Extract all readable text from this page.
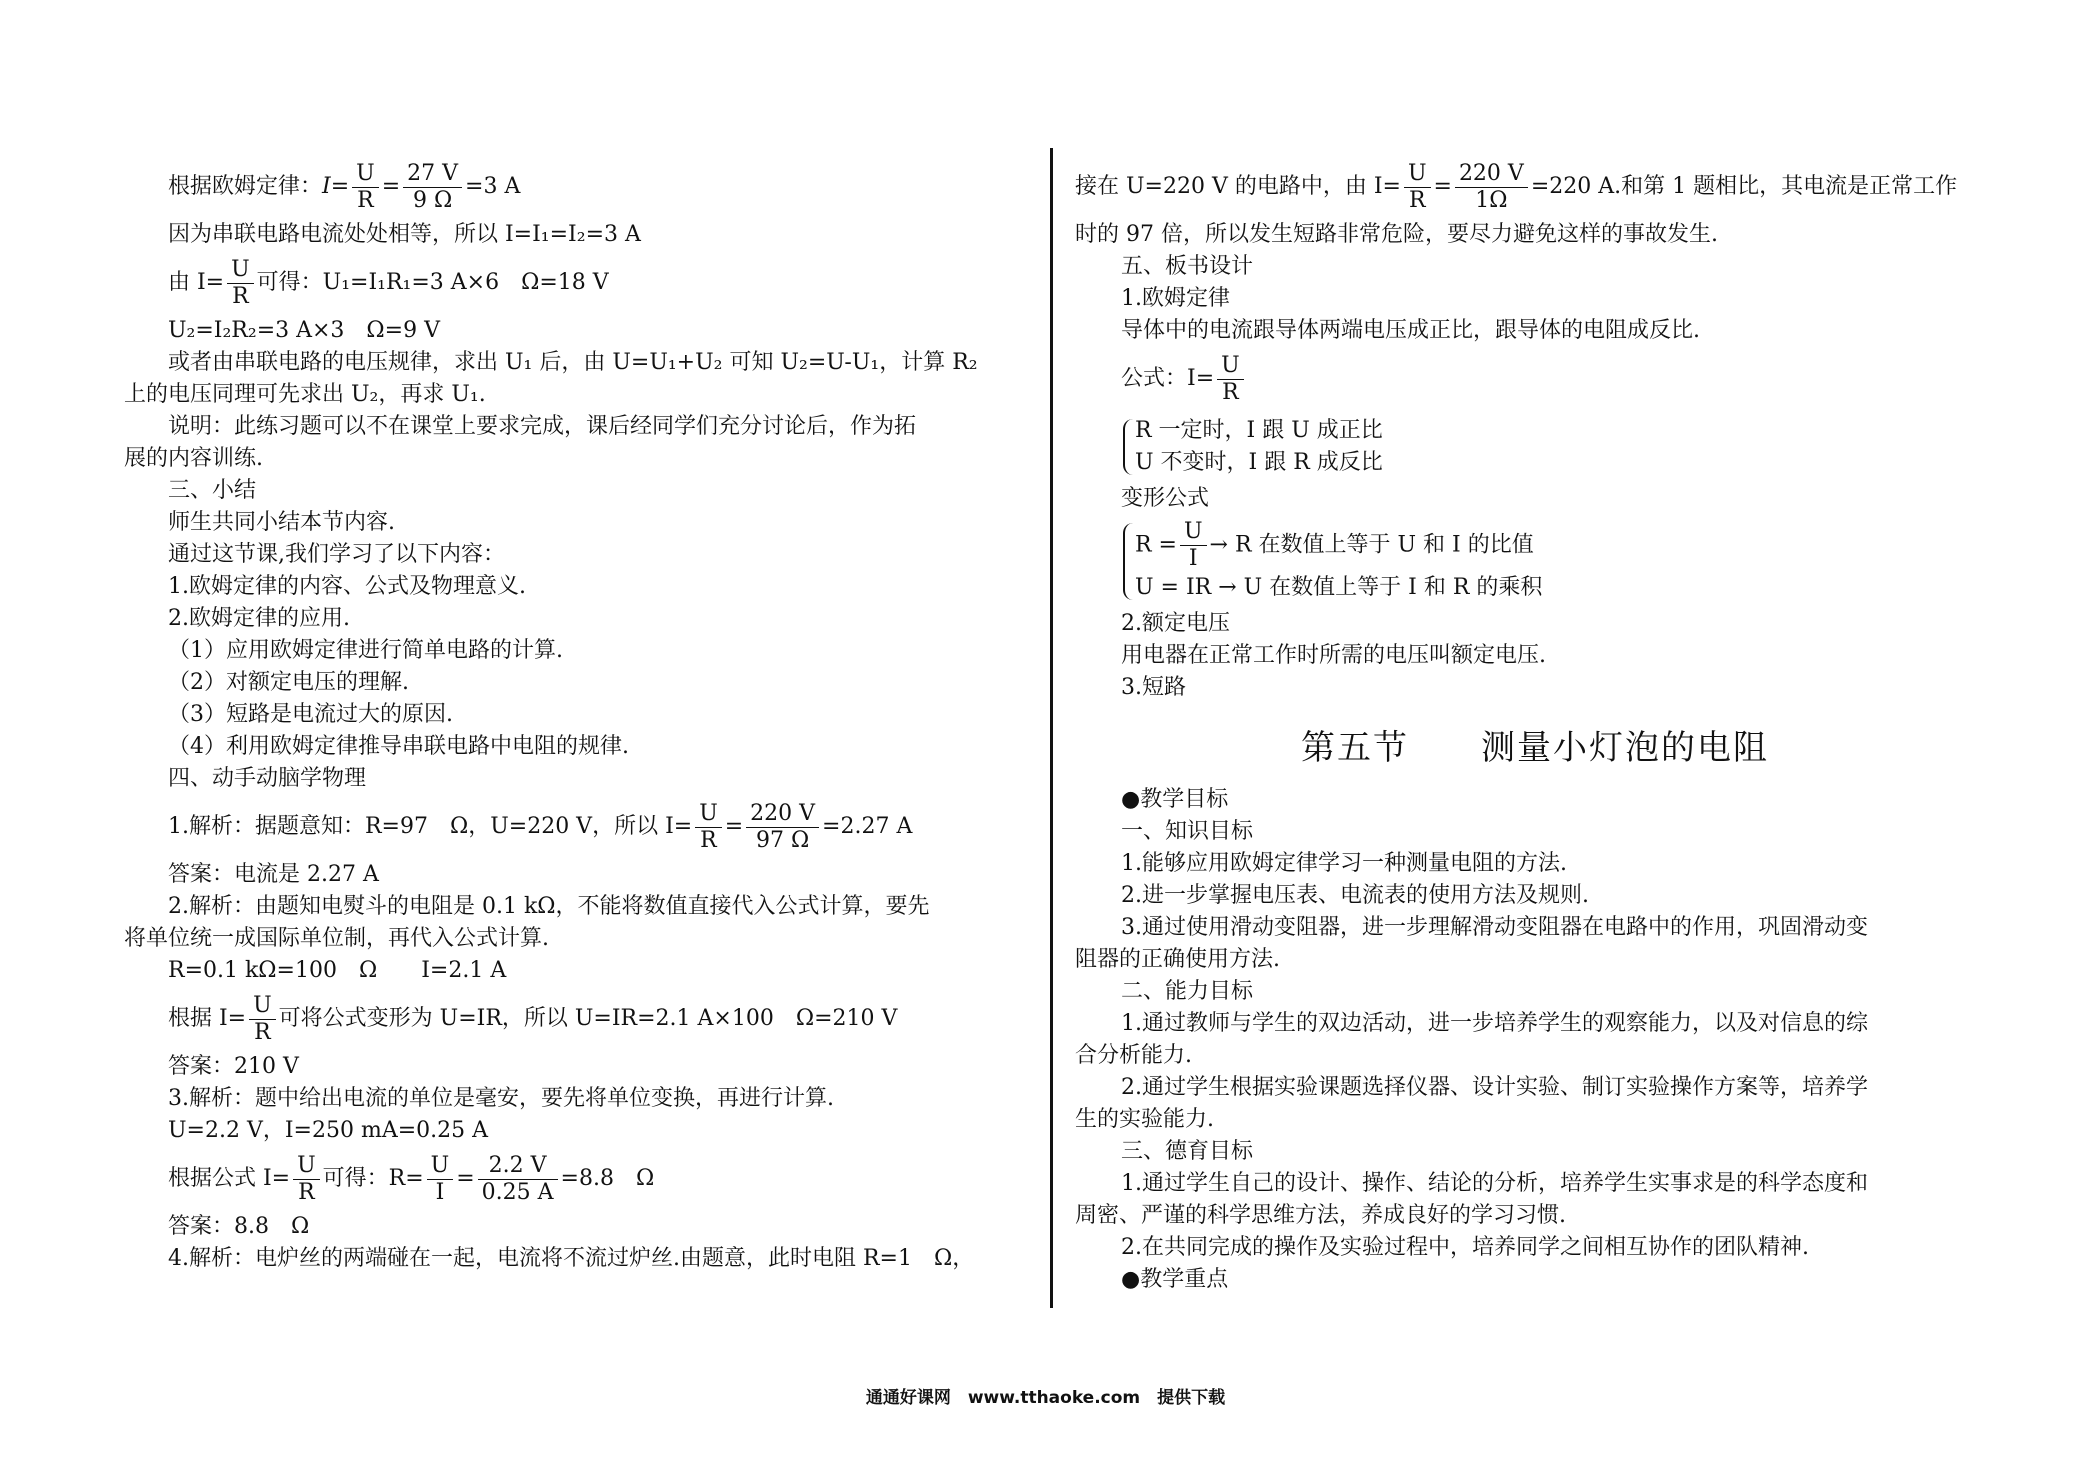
根据欧姆定律：$I= \frac{U}{R} = \frac{27 V}{9 \Omega} =3$ A
因为串联电路电流处处相等，所以 I=I₁=I₂=3 A
由 $I= \frac{U}{R}$ 可得：U₁=I₁R₁=3 A×6　Ω=18 V
U₂=I₂R₂=3 A×3　Ω=9 V
或者由串联电路的电压规律，求出 U₁ 后，由 U=U₁+U₂ 可知 U₂=U-U₁，计算 R₂
上的电压同理可先求出 U₂，再求 U₁.
说明：此练习题可以不在课堂上要求完成，课后经同学们充分讨论后，作为拓
展的内容训练.
三、小结
师生共同小结本节内容.
通过这节课,我们学习了以下内容：
1.欧姆定律的内容、公式及物理意义.
2.欧姆定律的应用.
（1）应用欧姆定律进行简单电路的计算.
（2）对额定电压的理解.
（3）短路是电流过大的原因.
（4）利用欧姆定律推导串联电路中电阻的规律.
四、动手动脑学物理
1.解析：据题意知：R=97　Ω，U=220 V，所以 $I= \frac{U}{R} = \frac{220 V}{97 \Omega} =2.27$ A
答案：电流是 2.27 A
2.解析：由题知电熨斗的电阻是 0.1 kΩ，不能将数值直接代入公式计算，要先
将单位统一成国际单位制，再代入公式计算.
R=0.1 kΩ=100　Ω　　I=2.1 A
根据 $I= \frac{U}{R}$ 可将公式变形为 U=IR，所以 U=IR=2.1 A×100　Ω=210 V
答案：210 V
3.解析：题中给出电流的单位是毫安，要先将单位变换，再进行计算.
U=2.2 V，I=250 mA=0.25 A
根据公式 $I= \frac{U}{R}$ 可得：$R= \frac{U}{I} = \frac{2.2 V}{0.25 A} =8.8$　Ω
答案：8.8　Ω
4.解析：电炉丝的两端碰在一起，电流将不流过炉丝.由题意，此时电阻 R=1　Ω，
接在 U=220 V 的电路中，由 $I= \frac{U}{R} = \frac{220 V}{1\Omega} =220$ A.和第 1 题相比，其电流是正常工作
时的 97 倍，所以发生短路非常危险，要尽力避免这样的事故发生.
五、板书设计
1.欧姆定律
导体中的电流跟导体两端电压成正比，跟导体的电阻成反比.
公式：$I= \frac{U}{R}$
R 一定时，I 跟 U 成正比
U 不变时，I 跟 R 成反比
变形公式
$R = \frac{U}{I} \to R$ 在数值上等于 U 和 I 的比值
U = IR → U 在数值上等于 I 和 R 的乘积
2.额定电压
用电器在正常工作时所需的电压叫额定电压.
3.短路
第五节　　测量小灯泡的电阻
●教学目标
一、知识目标
1.能够应用欧姆定律学习一种测量电阻的方法.
2.进一步掌握电压表、电流表的使用方法及规则.
3.通过使用滑动变阻器，进一步理解滑动变阻器在电路中的作用，巩固滑动变
阻器的正确使用方法.
二、能力目标
1.通过教师与学生的双边活动，进一步培养学生的观察能力，以及对信息的综
合分析能力.
2.通过学生根据实验课题选择仪器、设计实验、制订实验操作方案等，培养学
生的实验能力.
三、德育目标
1.通过学生自己的设计、操作、结论的分析，培养学生实事求是的科学态度和
周密、严谨的科学思维方法，养成良好的学习习惯.
2.在共同完成的操作及实验过程中，培养同学之间相互协作的团队精神.
●教学重点
通通好课网　www.tthaoke.com　提供下载
